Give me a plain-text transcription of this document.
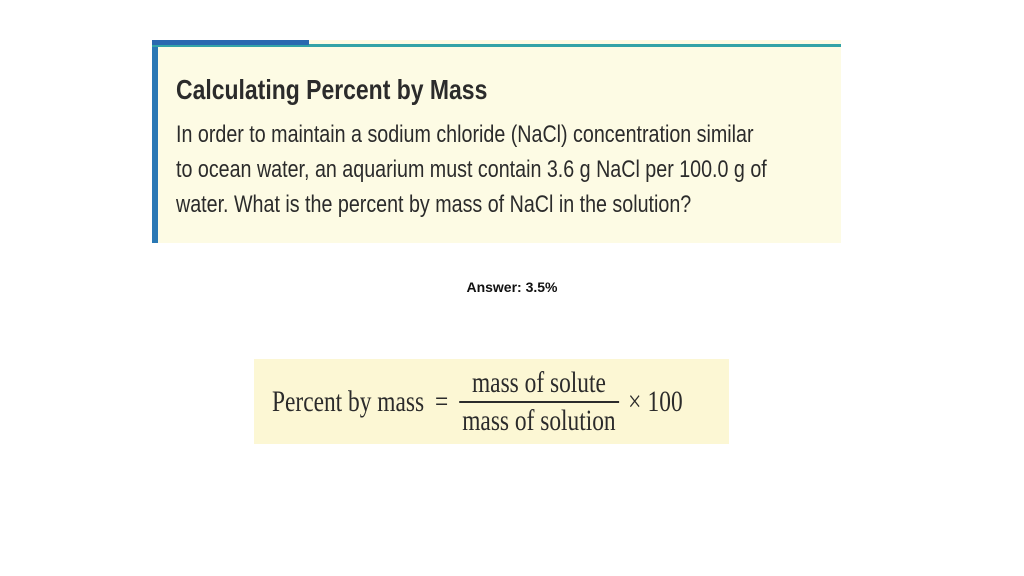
Calculating Percent by Mass

In order to maintain a sodium chloride (NaCl) concentration similar

to ocean water, an aquarium must contain 3.6 g NaCl per 100.0 g of

water. What is the percent by mass of NaCl in the solution?

Answer: 3.5%
Percent by mass = $\frac{\text{mass of solute}}{\text{mass of solution}} \times 100$
